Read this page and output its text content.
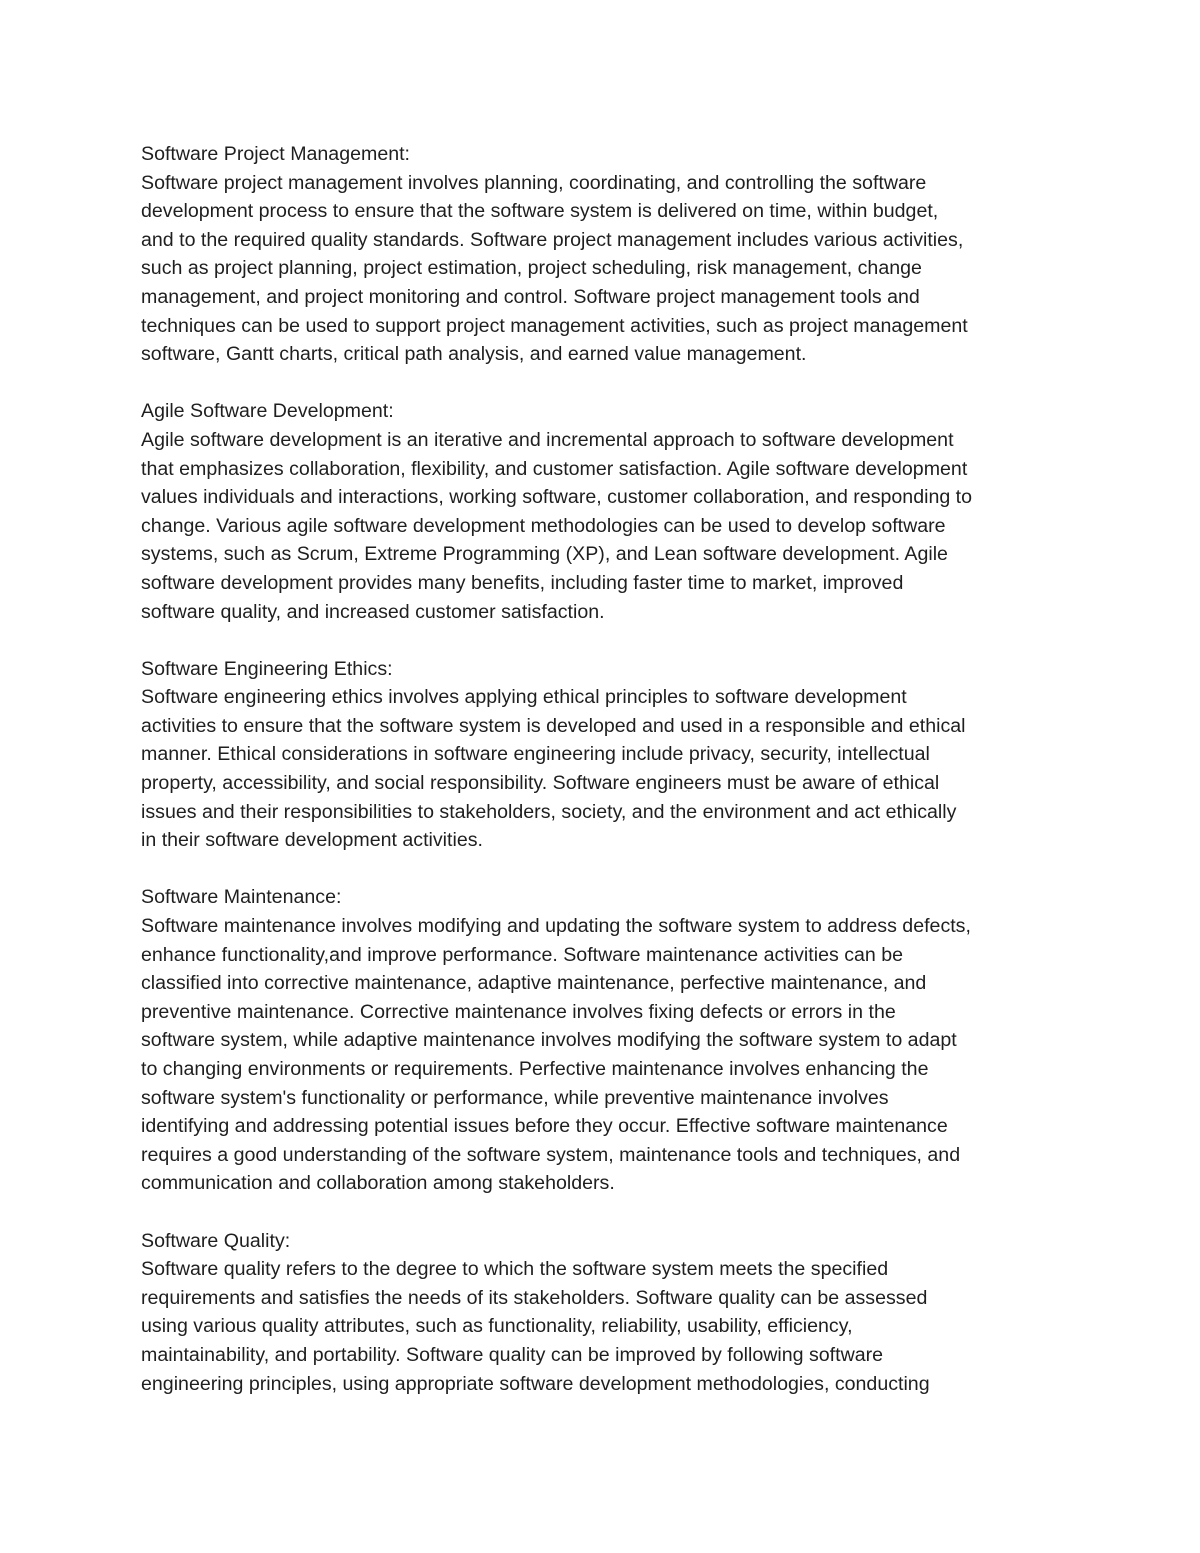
Software Project Management:

Software project management involves planning, coordinating, and controlling the software

development process to ensure that the software system is delivered on time, within budget,

and to the required quality standards. Software project management includes various activities,

such as project planning, project estimation, project scheduling, risk management, change

management, and project monitoring and control. Software project management tools and

techniques can be used to support project management activities, such as project management

software, Gantt charts, critical path analysis, and earned value management.

Agile Software Development:

Agile software development is an iterative and incremental approach to software development

that emphasizes collaboration, flexibility, and customer satisfaction. Agile software development

values individuals and interactions, working software, customer collaboration, and responding to

change. Various agile software development methodologies can be used to develop software

systems, such as Scrum, Extreme Programming (XP), and Lean software development. Agile

software development provides many benefits, including faster time to market, improved

software quality, and increased customer satisfaction.

Software Engineering Ethics:

Software engineering ethics involves applying ethical principles to software development

activities to ensure that the software system is developed and used in a responsible and ethical

manner. Ethical considerations in software engineering include privacy, security, intellectual

property, accessibility, and social responsibility. Software engineers must be aware of ethical

issues and their responsibilities to stakeholders, society, and the environment and act ethically

in their software development activities.

Software Maintenance:

Software maintenance involves modifying and updating the software system to address defects,

enhance functionality,and improve performance. Software maintenance activities can be

classified into corrective maintenance, adaptive maintenance, perfective maintenance, and

preventive maintenance. Corrective maintenance involves fixing defects or errors in the

software system, while adaptive maintenance involves modifying the software system to adapt

to changing environments or requirements. Perfective maintenance involves enhancing the

software system's functionality or performance, while preventive maintenance involves

identifying and addressing potential issues before they occur. Effective software maintenance

requires a good understanding of the software system, maintenance tools and techniques, and

communication and collaboration among stakeholders.

Software Quality:

Software quality refers to the degree to which the software system meets the specified

requirements and satisfies the needs of its stakeholders. Software quality can be assessed

using various quality attributes, such as functionality, reliability, usability, efficiency,

maintainability, and portability. Software quality can be improved by following software

engineering principles, using appropriate software development methodologies, conducting
